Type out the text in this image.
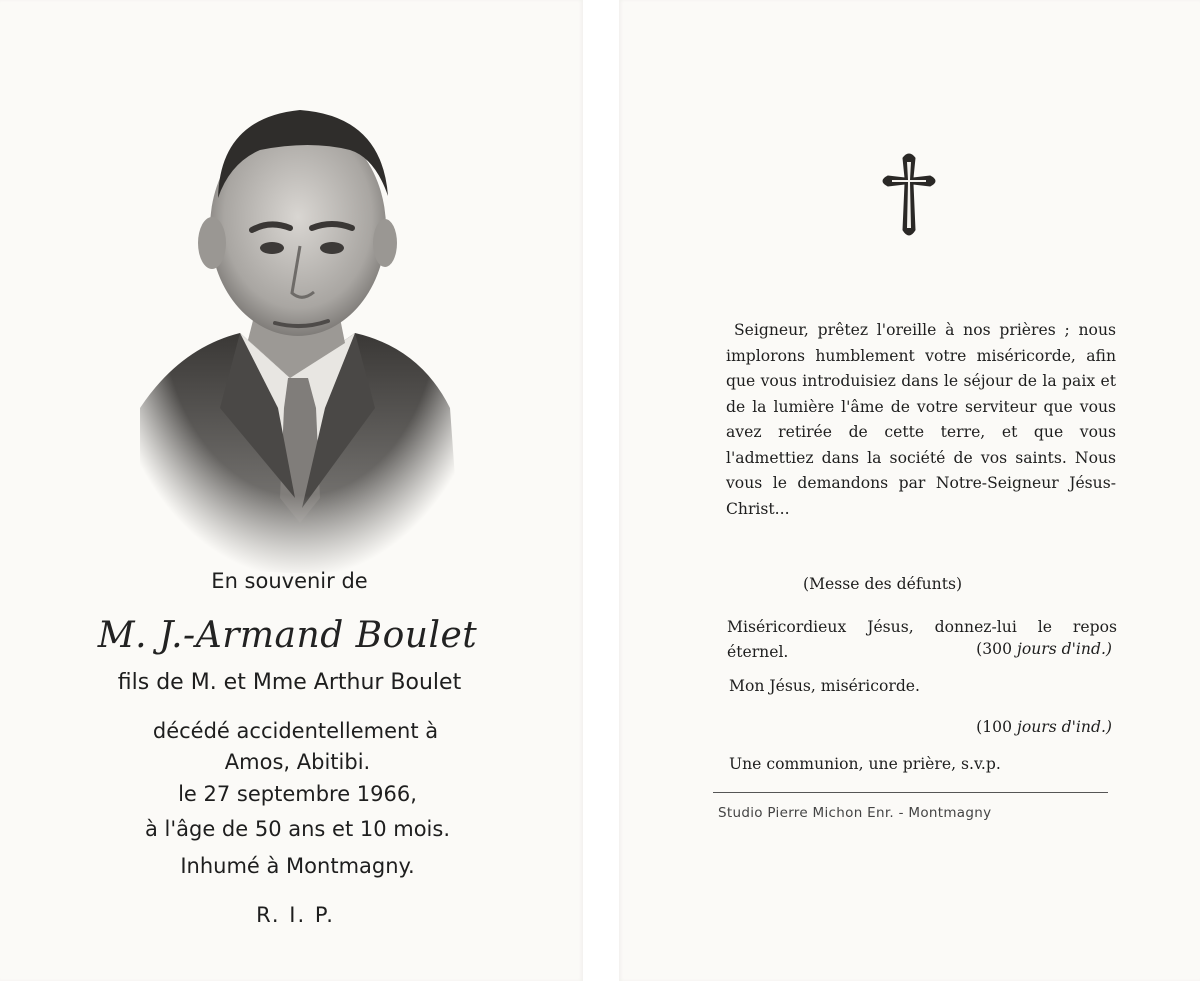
En souvenir de
M. J.-Armand Boulet
fils de M. et Mme Arthur Boulet
décédé accidentellement à
Amos, Abitibi.
le 27 septembre 1966,
à l'âge de 50 ans et 10 mois.
Inhumé à Montmagny.
R. I. P.
Seigneur, prêtez l'oreille à nos prières ; nous implorons humblement votre miséricorde, afin que vous introduisiez dans le séjour de la paix et de la lumière l'âme de votre serviteur que vous avez retirée de cette terre, et que vous l'admettiez dans la société de vos saints. Nous vous le demandons par Notre-Seigneur Jésus-Christ...
(Messe des défunts)
Miséricordieux Jésus, donnez-lui le repos éternel.	(300 jours d'ind.)
Mon Jésus, miséricorde.
(100 jours d'ind.)
Une communion, une prière, s.v.p.
Studio Pierre Michon Enr. - Montmagny
